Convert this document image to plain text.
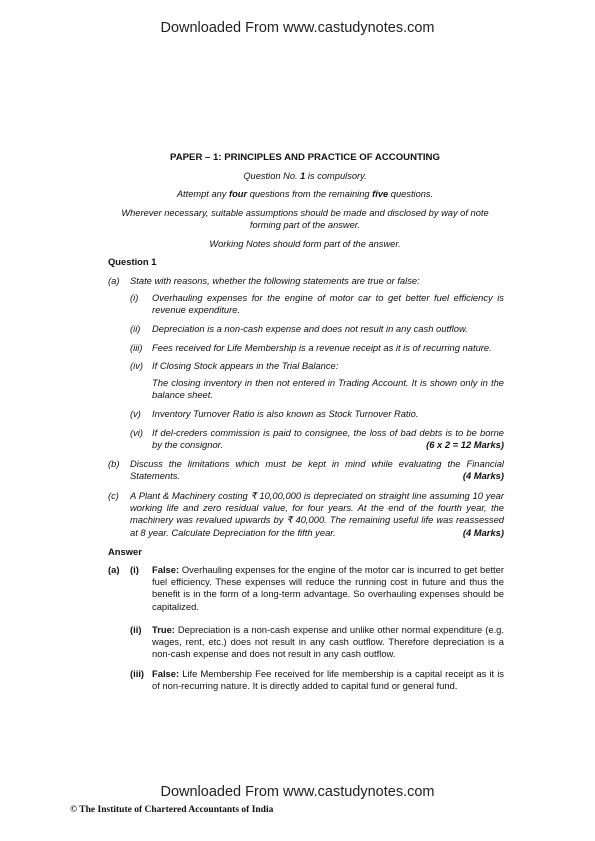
Downloaded From www.castudynotes.com
PAPER – 1: PRINCIPLES AND PRACTICE OF ACCOUNTING
Question No. 1 is compulsory.
Attempt any four questions from the remaining five questions.
Wherever necessary, suitable assumptions should be made and disclosed by way of note forming part of the answer.
Working Notes should form part of the answer.
Question 1
(a) State with reasons, whether the following statements are true or false:
(i) Overhauling expenses for the engine of motor car to get better fuel efficiency is revenue expenditure.
(ii) Depreciation is a non-cash expense and does not result in any cash outflow.
(iii) Fees received for Life Membership is a revenue receipt as it is of recurring nature.
(iv) If Closing Stock appears in the Trial Balance:
The closing inventory in then not entered in Trading Account. It is shown only in the balance sheet.
(v) Inventory Turnover Ratio is also known as Stock Turnover Ratio.
(vi) If del-creders commission is paid to consignee, the loss of bad debts is to be borne by the consignor.	(6 x 2 = 12 Marks)
(b) Discuss the limitations which must be kept in mind while evaluating the Financial Statements.	(4 Marks)
(c) A Plant & Machinery costing ₹ 10,00,000 is depreciated on straight line assuming 10 year working life and zero residual value, for four years. At the end of the fourth year, the machinery was revalued upwards by ₹ 40,000. The remaining useful life was reassessed at 8 year. Calculate Depreciation for the fifth year.	(4 Marks)
Answer
(a) (i) False: Overhauling expenses for the engine of the motor car is incurred to get better fuel efficiency. These expenses will reduce the running cost in future and thus the benefit is in the form of a long-term advantage. So overhauling expenses should be capitalized.
(ii) True: Depreciation is a non-cash expense and unlike other normal expenditure (e.g. wages, rent, etc.) does not result in any cash outflow. Therefore depreciation is a non-cash expense and does not result in any cash outflow.
(iii) False: Life Membership Fee received for life membership is a capital receipt as it is of non-recurring nature. It is directly added to capital fund or general fund.
Downloaded From www.castudynotes.com
© The Institute of Chartered Accountants of India
